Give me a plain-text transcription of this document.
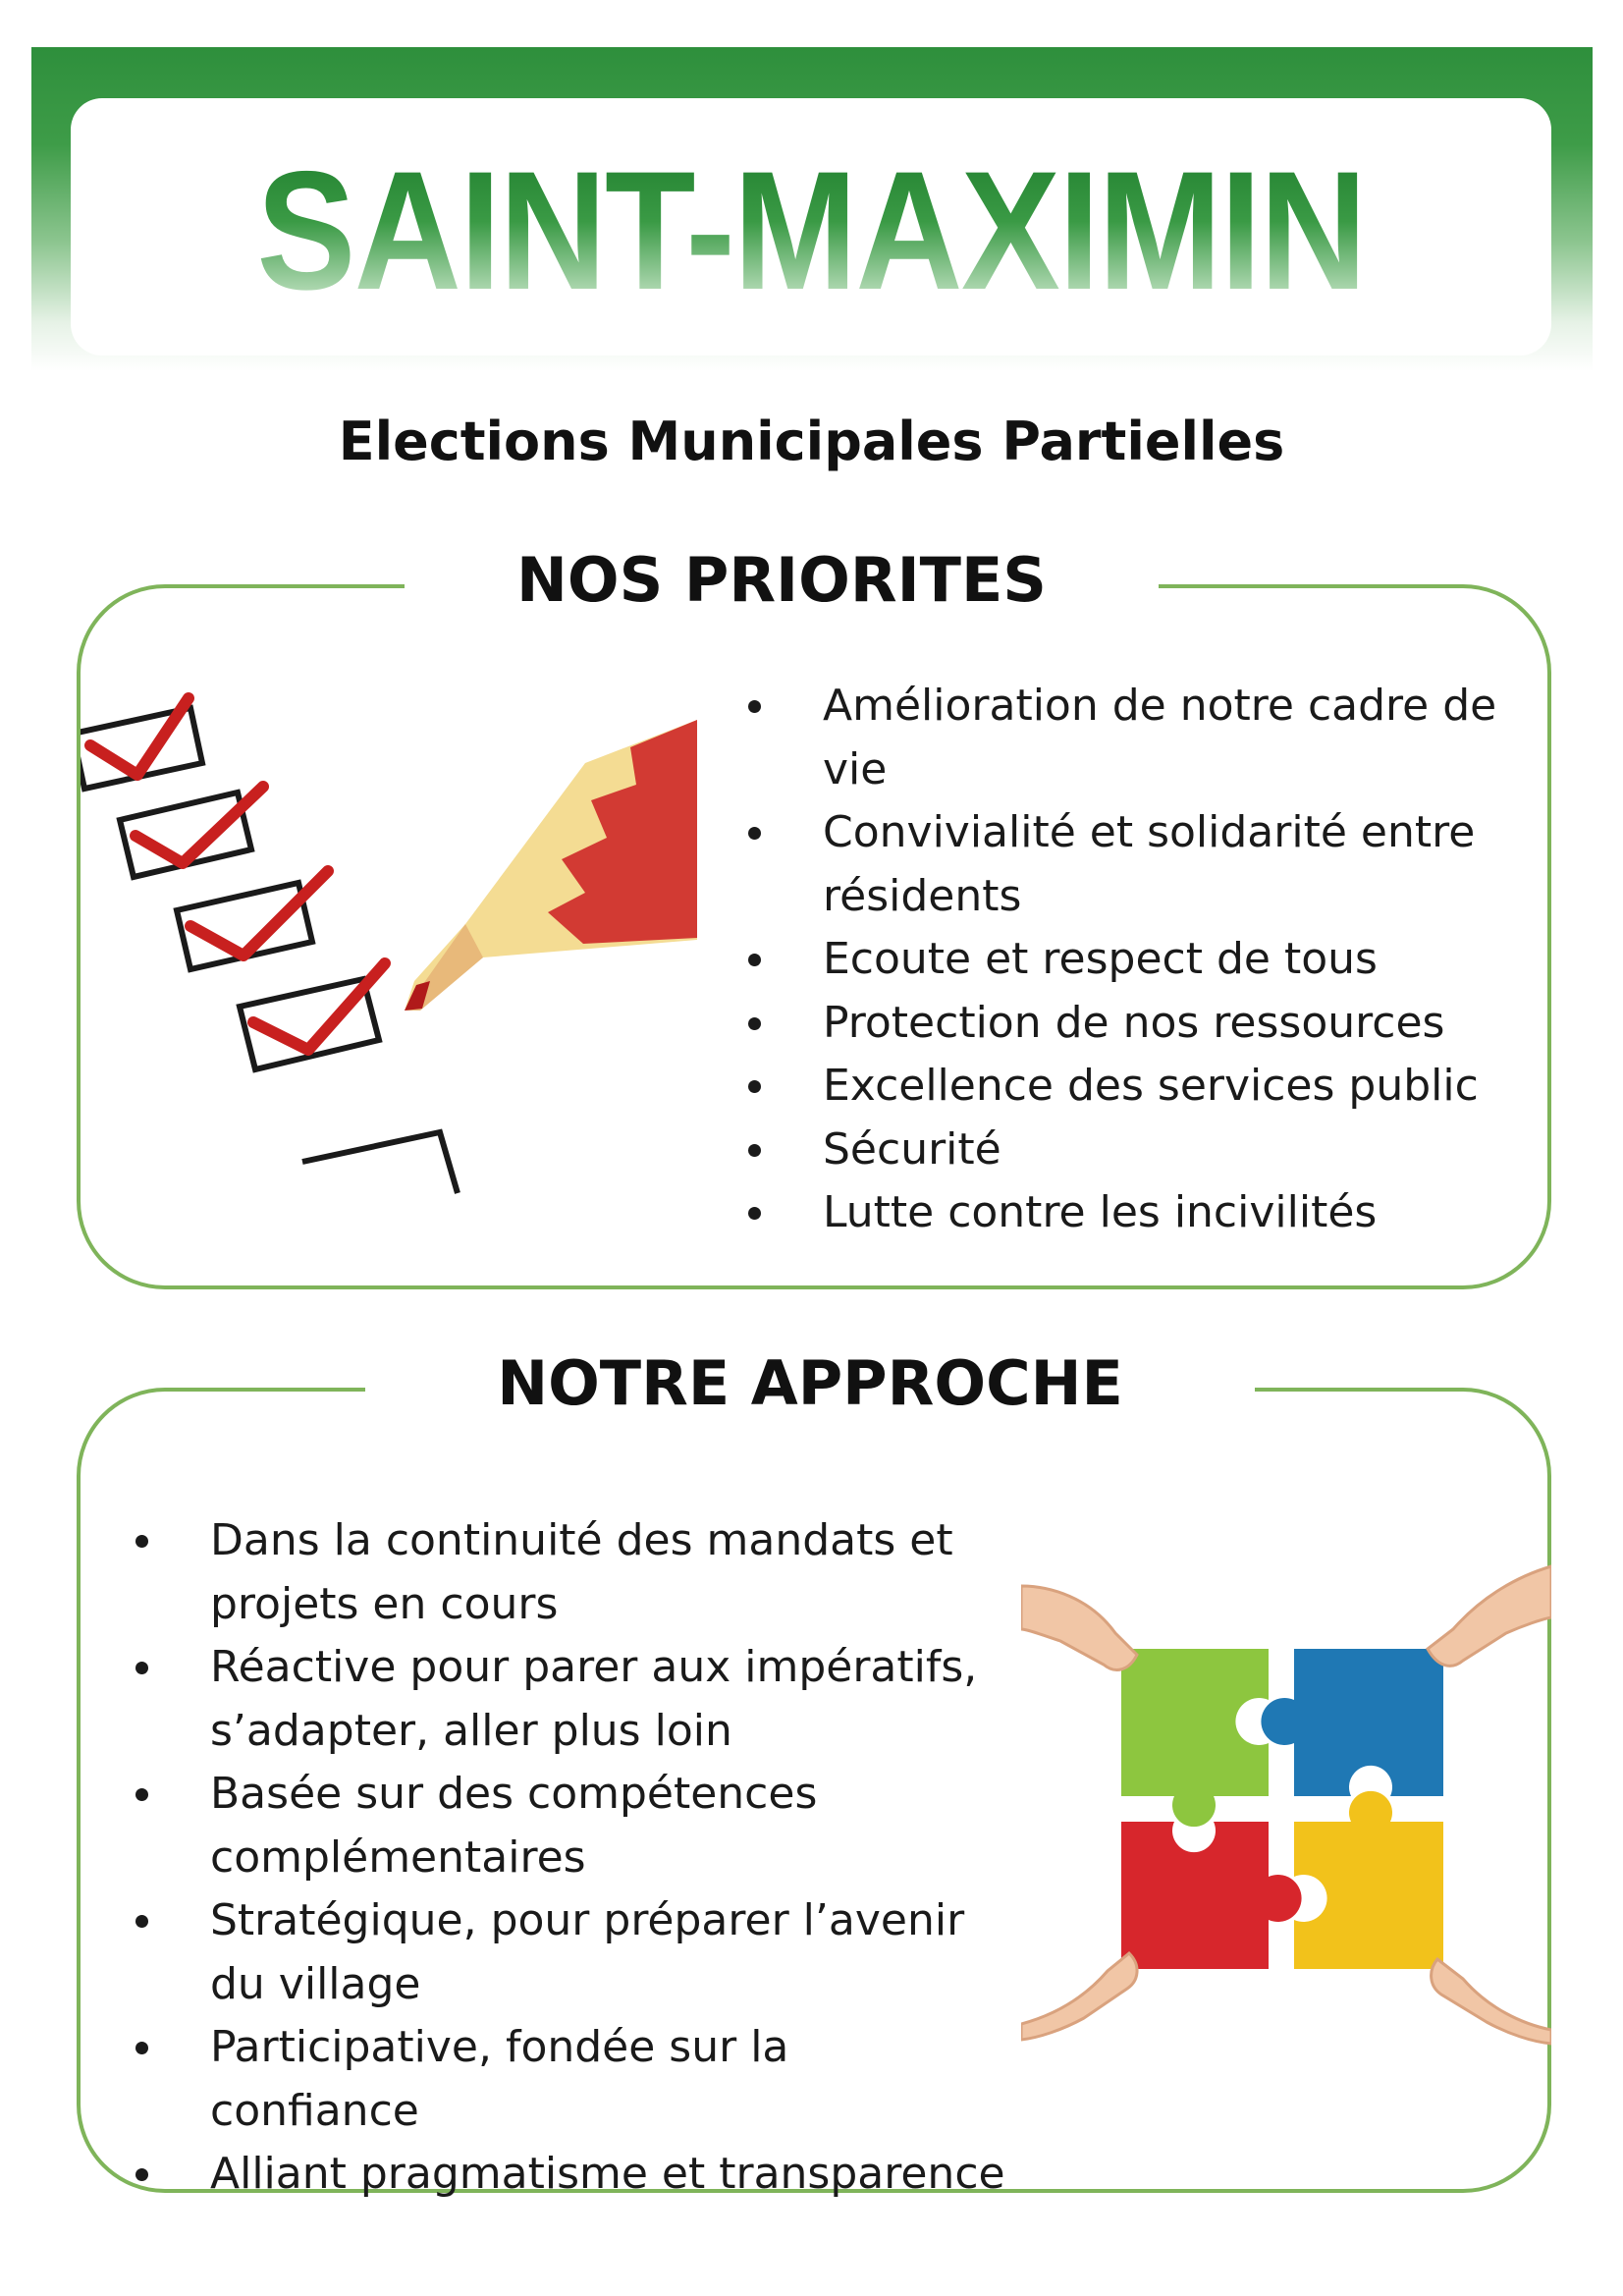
SAINT-MAXIMIN
Elections Municipales Partielles
NOS PRIORITES
Amélioration de notre cadre de vie
Convivialité et solidarité entre résidents
Ecoute et respect de tous
Protection de nos ressources
Excellence des services public
Sécurité
Lutte contre les incivilités
NOTRE APPROCHE
Dans la continuité des mandats et projets en cours
Réactive pour parer aux impératifs, s’adapter, aller plus loin
Basée sur des compétences complémentaires
Stratégique, pour préparer l’avenir du village
Participative, fondée sur la confiance
Alliant pragmatisme et transparence
